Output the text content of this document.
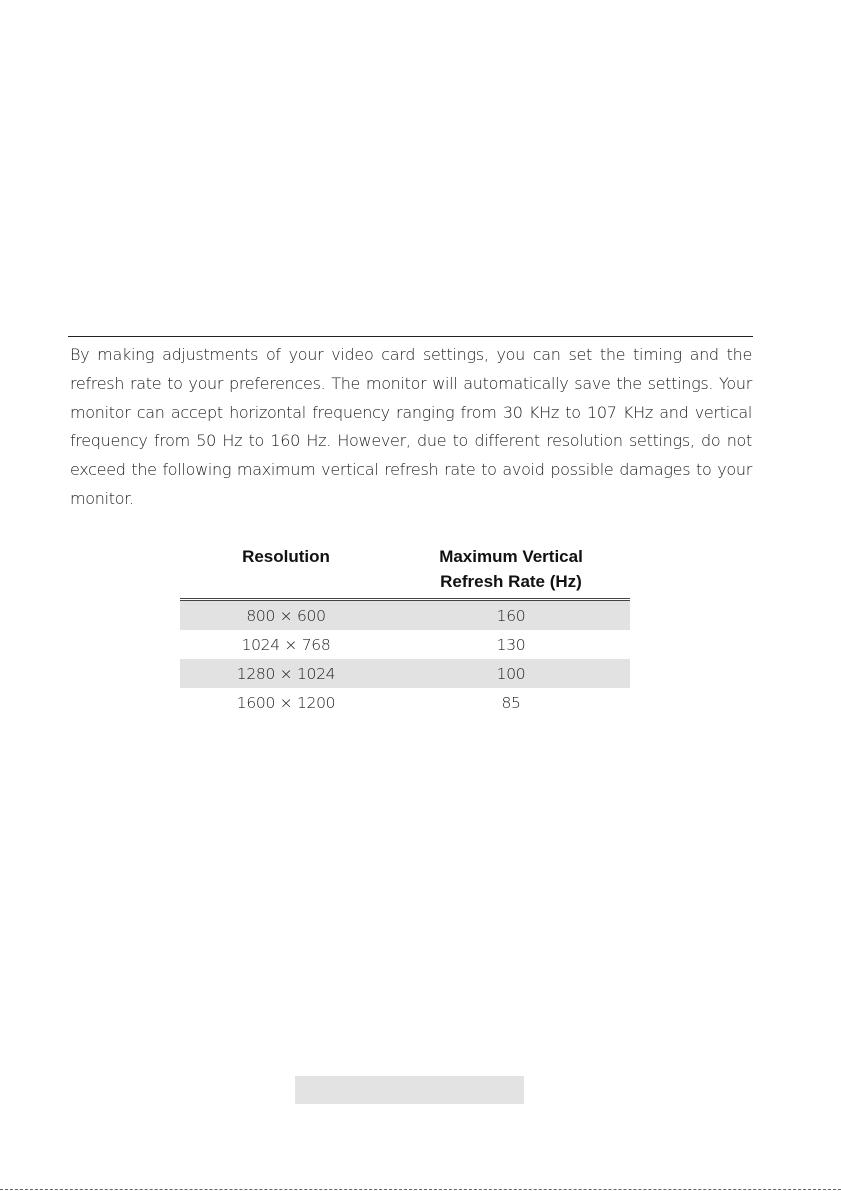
By making adjustments of your video card settings, you can set the timing and the refresh rate to your preferences. The monitor will automatically save the settings. Your monitor can accept horizontal frequency ranging from 30 KHz to 107 KHz and vertical frequency from 50 Hz to 160 Hz. However, due to different resolution settings, do not exceed the following maximum vertical refresh rate to avoid possible damages to your monitor.

Resolution	Maximum Vertical
Refresh Rate (Hz)
800 × 600	160
1024 × 768	130
1280 × 1024	100
1600 × 1200	85
